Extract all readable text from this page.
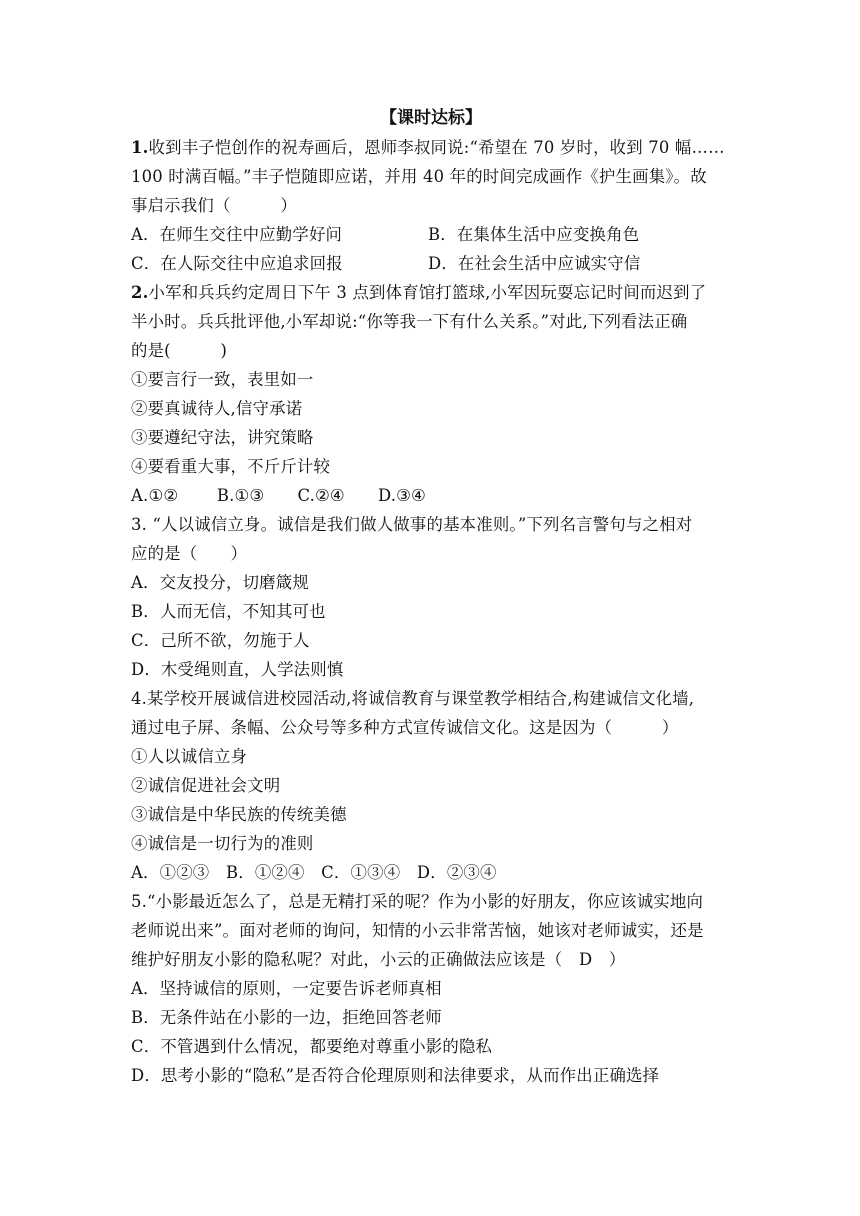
【课时达标】
1.收到丰子恺创作的祝寿画后，恩师李叔同说:“希望在 70 岁时，收到 70 幅……
100 时满百幅。”丰子恺随即应诺，并用 40 年的时间完成画作《护生画集》。故
事启示我们（　　　）
A．在师生交往中应勤学好问	B．在集体生活中应变换角色
C．在人际交往中应追求回报	D．在社会生活中应诚实守信
2.小军和兵兵约定周日下午 3 点到体育馆打篮球,小军因玩耍忘记时间而迟到了
半小时。兵兵批评他,小军却说:“你等我一下有什么关系。”对此,下列看法正确
的是(　　　)
①要言行一致，表里如一
②要真诚待人,信守承诺
③要遵纪守法，讲究策略
④要看重大事，不斤斤计较
A.①②　　 B.①③　　C.②④　　D.③④
3. “人以诚信立身。诚信是我们做人做事的基本准则。”下列名言警句与之相对
应的是（　　）
A．交友投分，切磨箴规
B．人而无信，不知其可也
C．己所不欲，勿施于人
D．木受绳则直，人学法则慎
4.某学校开展诚信进校园活动,将诚信教育与课堂教学相结合,构建诚信文化墙,
通过电子屏、条幅、公众号等多种方式宣传诚信文化。这是因为（　　　）
①人以诚信立身
②诚信促进社会文明
③诚信是中华民族的传统美德
④诚信是一切行为的准则
A．①②③　B．①②④　C．①③④　D．②③④
5.“小影最近怎么了，总是无精打采的呢？作为小影的好朋友，你应该诚实地向
老师说出来”。面对老师的询问，知情的小云非常苦恼，她该对老师诚实，还是
维护好朋友小影的隐私呢？对此，小云的正确做法应该是（　D　）
A．坚持诚信的原则，一定要告诉老师真相
B．无条件站在小影的一边，拒绝回答老师
C．不管遇到什么情况，都要绝对尊重小影的隐私
D．思考小影的“隐私”是否符合伦理原则和法律要求，从而作出正确选择
